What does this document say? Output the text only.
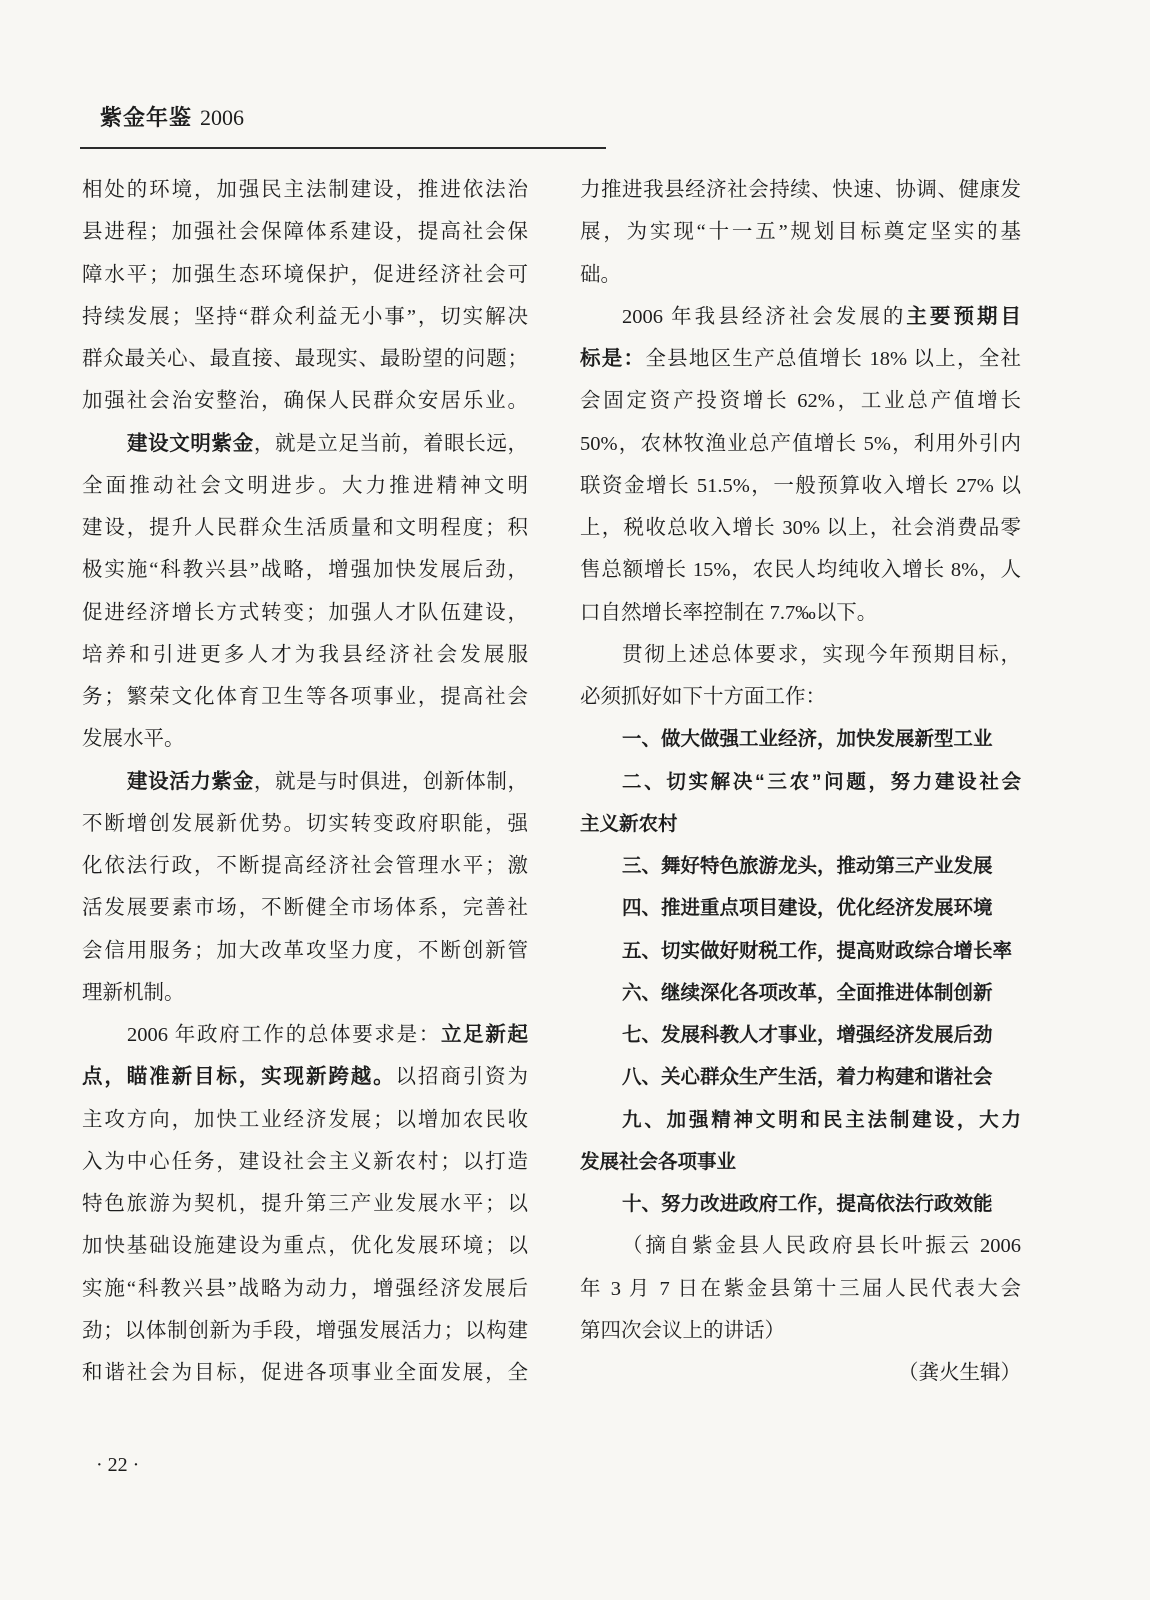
紫金年鉴 2006
相处的环境，加强民主法制建设，推进依法治
县进程；加强社会保障体系建设，提高社会保
障水平；加强生态环境保护，促进经济社会可
持续发展；坚持“群众利益无小事”，切实解决
群众最关心、最直接、最现实、最盼望的问题；
加强社会治安整治，确保人民群众安居乐业。
建设文明紫金，就是立足当前，着眼长远，
全面推动社会文明进步。大力推进精神文明
建设，提升人民群众生活质量和文明程度；积
极实施“科教兴县”战略，增强加快发展后劲，
促进经济增长方式转变；加强人才队伍建设，
培养和引进更多人才为我县经济社会发展服
务；繁荣文化体育卫生等各项事业，提高社会
发展水平。
建设活力紫金，就是与时俱进，创新体制，
不断增创发展新优势。切实转变政府职能，强
化依法行政，不断提高经济社会管理水平；激
活发展要素市场，不断健全市场体系，完善社
会信用服务；加大改革攻坚力度，不断创新管
理新机制。
2006 年政府工作的总体要求是：立足新起
点，瞄准新目标，实现新跨越。以招商引资为
主攻方向，加快工业经济发展；以增加农民收
入为中心任务，建设社会主义新农村；以打造
特色旅游为契机，提升第三产业发展水平；以
加快基础设施建设为重点，优化发展环境；以
实施“科教兴县”战略为动力，增强经济发展后
劲；以体制创新为手段，增强发展活力；以构建
和谐社会为目标，促进各项事业全面发展，全
力推进我县经济社会持续、快速、协调、健康发
展，为实现“十一五”规划目标奠定坚实的基
础。
2006 年我县经济社会发展的主要预期目
标是：全县地区生产总值增长 18% 以上，全社
会固定资产投资增长 62%，工业总产值增长
50%，农林牧渔业总产值增长 5%，利用外引内
联资金增长 51.5%，一般预算收入增长 27% 以
上，税收总收入增长 30% 以上，社会消费品零
售总额增长 15%，农民人均纯收入增长 8%，人
口自然增长率控制在 7.7‰以下。
贯彻上述总体要求，实现今年预期目标，
必须抓好如下十方面工作：
一、做大做强工业经济，加快发展新型工业
二、切实解决“三农”问题，努力建设社会
主义新农村
三、舞好特色旅游龙头，推动第三产业发展
四、推进重点项目建设，优化经济发展环境
五、切实做好财税工作，提高财政综合增长率
六、继续深化各项改革，全面推进体制创新
七、发展科教人才事业，增强经济发展后劲
八、关心群众生产生活，着力构建和谐社会
九、加强精神文明和民主法制建设，大力
发展社会各项事业
十、努力改进政府工作，提高依法行政效能
（摘自紫金县人民政府县长叶振云 2006
年 3 月 7 日在紫金县第十三届人民代表大会
第四次会议上的讲话）
（龚火生辑）
· 22 ·
